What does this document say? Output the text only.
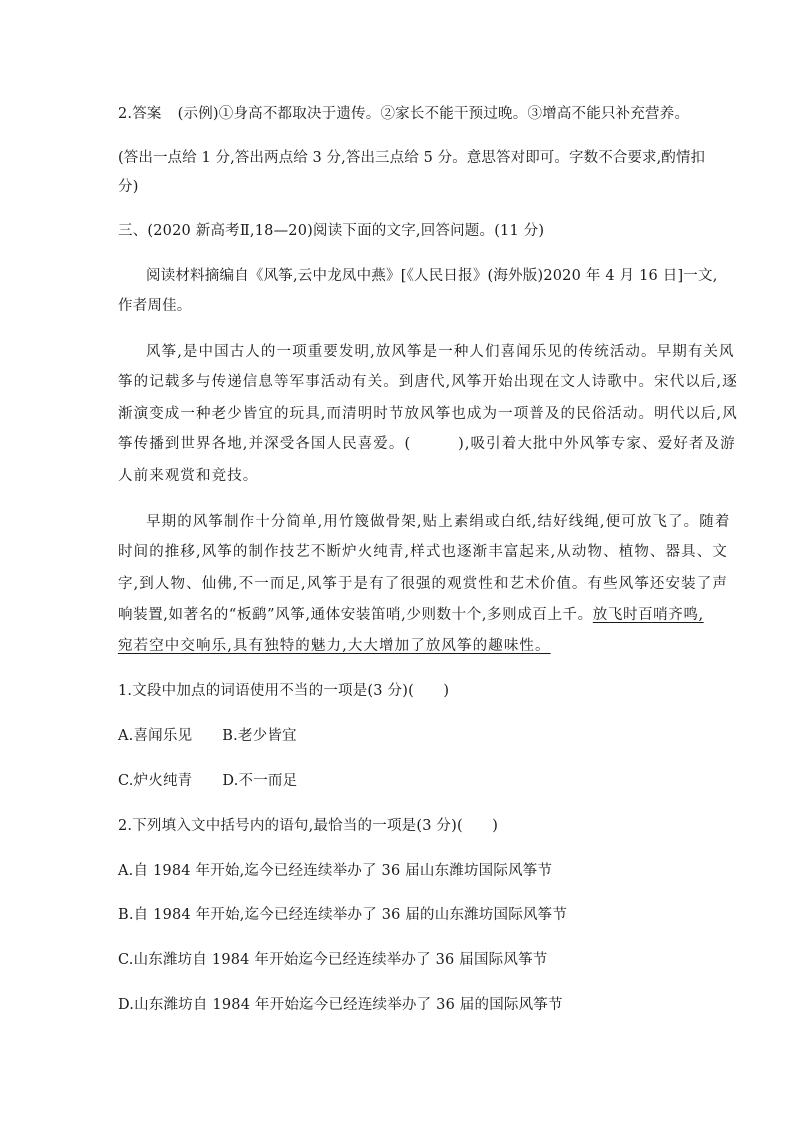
2.答案 (示例)①身高不都取决于遗传。②家长不能干预过晚。③增高不能只补充营养。
(答出一点给 1 分,答出两点给 3 分,答出三点给 5 分。意思答对即可。字数不合要求,酌情扣
分)
三、(2020 新高考Ⅱ,18—20)阅读下面的文字,回答问题。(11 分)
阅读材料摘编自《风筝,云中龙凤中燕》[《人民日报》(海外版)2020 年 4 月 16 日]一文,
作者周佳。
风筝,是中国古人的一项重要发明,放风筝是一种人们喜闻乐见的传统活动。早期有关风
筝的记载多与传递信息等军事活动有关。到唐代,风筝开始出现在文人诗歌中。宋代以后,逐
渐演变成一种老少皆宜的玩具,而清明时节放风筝也成为一项普及的民俗活动。明代以后,风
筝传播到世界各地,并深受各国人民喜爱。(　　　),吸引着大批中外风筝专家、爱好者及游
人前来观赏和竞技。
早期的风筝制作十分简单,用竹篾做骨架,贴上素绢或白纸,结好线绳,便可放飞了。随着
时间的推移,风筝的制作技艺不断炉火纯青,样式也逐渐丰富起来,从动物、植物、器具、文
字,到人物、仙佛,不一而足,风筝于是有了很强的观赏性和艺术价值。有些风筝还安装了声
响装置,如著名的“板鹞”风筝,通体安装笛哨,少则数十个,多则成百上千。放飞时百哨齐鸣,
宛若空中交响乐,具有独特的魅力,大大增加了放风筝的趣味性。
1.文段中加点的词语使用不当的一项是(3 分)(　　)
A.喜闻乐见 B.老少皆宜
C.炉火纯青 D.不一而足
2.下列填入文中括号内的语句,最恰当的一项是(3 分)(　　)
A.自 1984 年开始,迄今已经连续举办了 36 届山东潍坊国际风筝节
B.自 1984 年开始,迄今已经连续举办了 36 届的山东潍坊国际风筝节
C.山东潍坊自 1984 年开始迄今已经连续举办了 36 届国际风筝节
D.山东潍坊自 1984 年开始迄今已经连续举办了 36 届的国际风筝节
